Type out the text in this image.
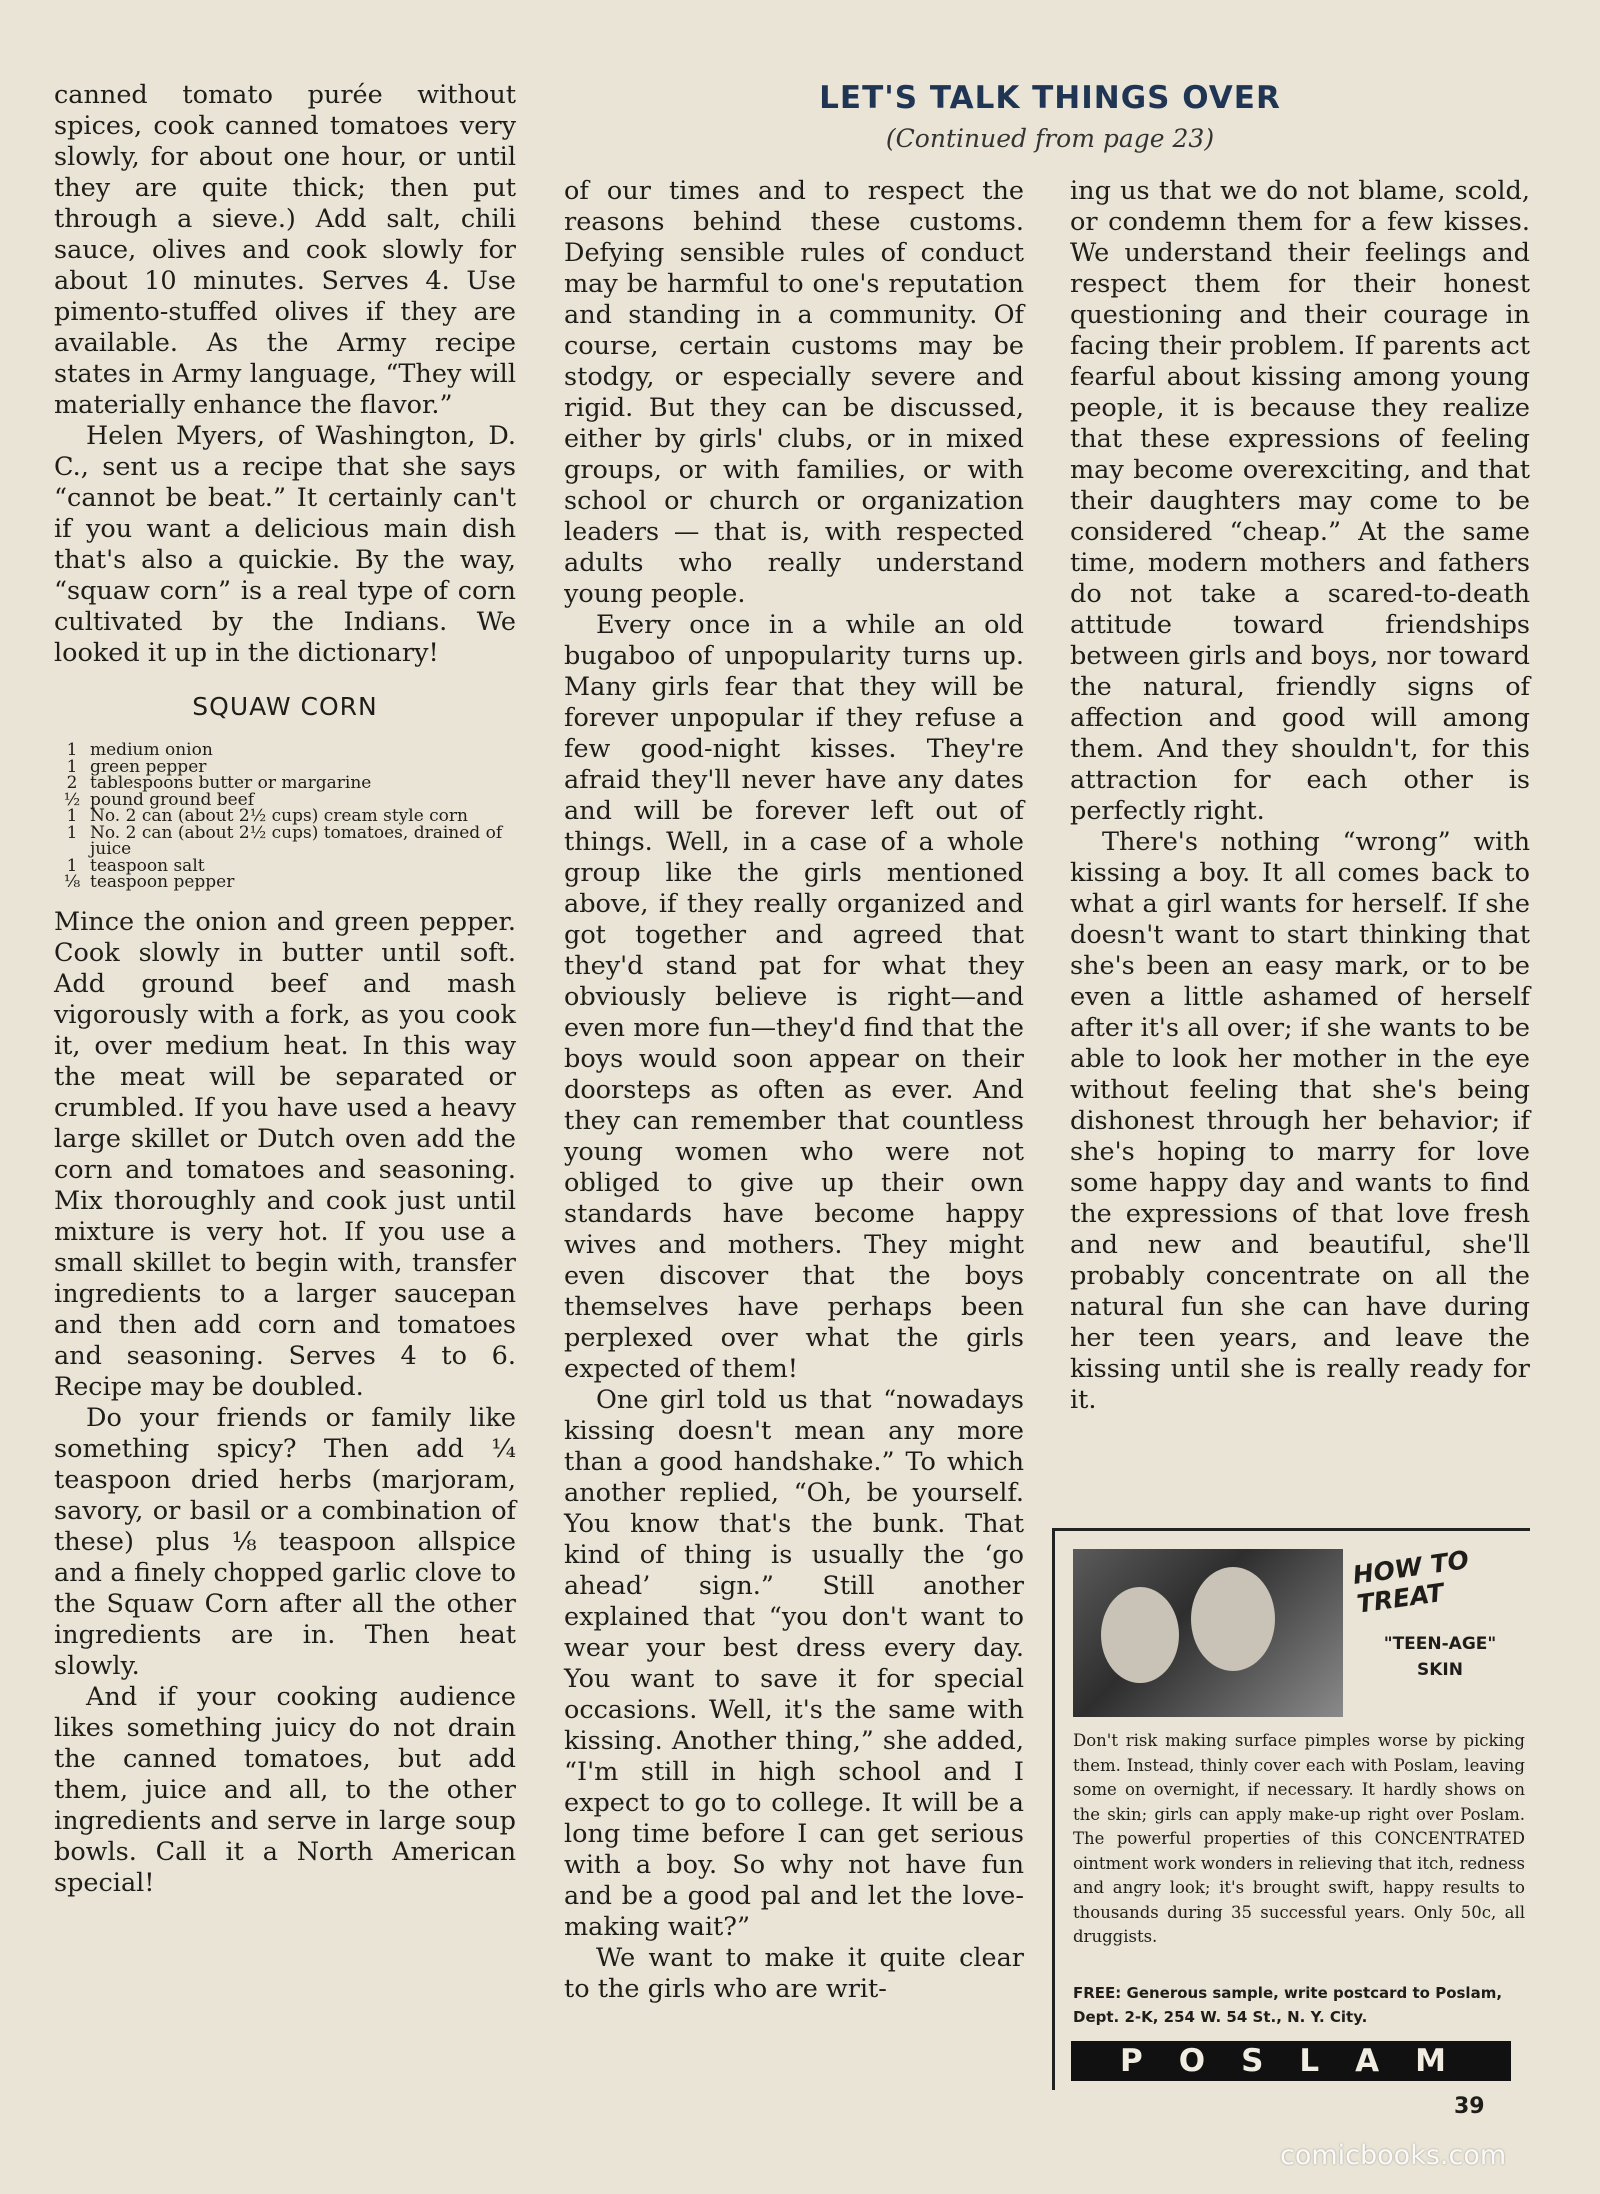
LET'S TALK THINGS OVER
(Continued from page 23)

canned tomato purée without spices, cook canned tomatoes very slowly, for about one hour, or until they are quite thick; then put through a sieve.) Add salt, chili sauce, olives and cook slowly for about 10 minutes. Serves 4. Use pimento-stuffed olives if they are available. As the Army recipe states in Army language, “They will materially enhance the flavor.”

Helen Myers, of Washington, D. C., sent us a recipe that she says “cannot be beat.” It certainly can't if you want a delicious main dish that's also a quickie. By the way, “squaw corn” is a real type of corn cultivated by the Indians. We looked it up in the dictionary!

SQUAW CORN
1 medium onion
1 green pepper
2 tablespoons butter or margarine
½ pound ground beef
1 No. 2 can (about 2½ cups) cream style corn
1 No. 2 can (about 2½ cups) tomatoes, drained of juice
1 teaspoon salt
⅛ teaspoon pepper

Mince the onion and green pepper. Cook slowly in butter until soft. Add ground beef and mash vigorously with a fork, as you cook it, over medium heat. In this way the meat will be separated or crumbled. If you have used a heavy large skillet or Dutch oven add the corn and tomatoes and seasoning. Mix thoroughly and cook just until mixture is very hot. If you use a small skillet to begin with, transfer ingredients to a larger saucepan and then add corn and tomatoes and seasoning. Serves 4 to 6. Recipe may be doubled.

Do your friends or family like something spicy? Then add ¼ teaspoon dried herbs (marjoram, savory, or basil or a combination of these) plus ⅛ teaspoon allspice and a finely chopped garlic clove to the Squaw Corn after all the other ingredients are in. Then heat slowly.

And if your cooking audience likes something juicy do not drain the canned tomatoes, but add them, juice and all, to the other ingredients and serve in large soup bowls. Call it a North American special!

of our times and to respect the reasons behind these customs. Defying sensible rules of conduct may be harmful to one's reputation and standing in a community. Of course, certain customs may be stodgy, or especially severe and rigid. But they can be discussed, either by girls' clubs, or in mixed groups, or with families, or with school or church or organization leaders — that is, with respected adults who really understand young people.

Every once in a while an old bugaboo of unpopularity turns up. Many girls fear that they will be forever unpopular if they refuse a few good-night kisses. They're afraid they'll never have any dates and will be forever left out of things. Well, in a case of a whole group like the girls mentioned above, if they really organized and got together and agreed that they'd stand pat for what they obviously believe is right—and even more fun—they'd find that the boys would soon appear on their doorsteps as often as ever. And they can remember that countless young women who were not obliged to give up their own standards have become happy wives and mothers. They might even discover that the boys themselves have perhaps been perplexed over what the girls expected of them!

One girl told us that “nowadays kissing doesn't mean any more than a good handshake.” To which another replied, “Oh, be yourself. You know that's the bunk. That kind of thing is usually the ‘go ahead’ sign.” Still another explained that “you don't want to wear your best dress every day. You want to save it for special occasions. Well, it's the same with kissing. Another thing,” she added, “I'm still in high school and I expect to go to college. It will be a long time before I can get serious with a boy. So why not have fun and be a good pal and let the love-making wait?”

We want to make it quite clear to the girls who are writ-

ing us that we do not blame, scold, or condemn them for a few kisses. We understand their feelings and respect them for their honest questioning and their courage in facing their problem. If parents act fearful about kissing among young people, it is because they realize that these expressions of feeling may become overexciting, and that their daughters may come to be considered “cheap.” At the same time, modern mothers and fathers do not take a scared-to-death attitude toward friendships between girls and boys, nor toward the natural, friendly signs of affection and good will among them. And they shouldn't, for this attraction for each other is perfectly right.

There's nothing “wrong” with kissing a boy. It all comes back to what a girl wants for herself. If she doesn't want to start thinking that she's been an easy mark, or to be even a little ashamed of herself after it's all over; if she wants to be able to look her mother in the eye without feeling that she's being dishonest through her behavior; if she's hoping to marry for love some happy day and wants to find the expressions of that love fresh and new and beautiful, she'll probably concentrate on all the natural fun she can have during her teen years, and leave the kissing until she is really ready for it.

HOW TO TREAT
"TEEN-AGE" SKIN
Don't risk making surface pimples worse by picking them. Instead, thinly cover each with Poslam, leaving some on overnight, if necessary. It hardly shows on the skin; girls can apply make-up right over Poslam. The powerful properties of this CONCENTRATED ointment work wonders in relieving that itch, redness and angry look; it's brought swift, happy results to thousands during 35 successful years. Only 50c, all druggists.
FREE: Generous sample, write postcard to Poslam, Dept. 2-K, 254 W. 54 St., N. Y. City.
POSLAM
39
comicbooks.com
